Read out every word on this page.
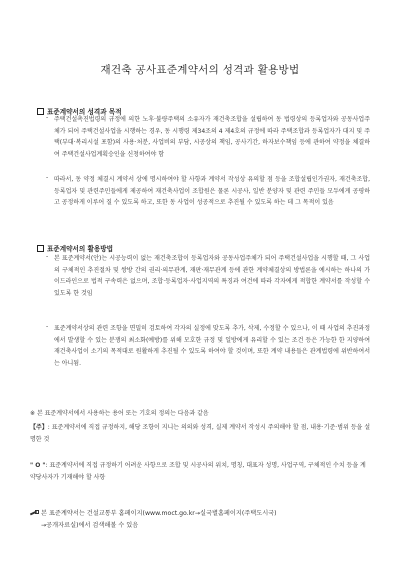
재건축 공사표준계약서의 성격과 활용방법
표준계약서의 성격과 목적
- 주택건설촉진법령의 규정에 의한 노후·불량주택의 소유자가 재건축조합을 설립하여 동 법령상의 등록업자와 공동사업주체가 되어 주택건설사업을 시행하는 경우, 동 시행령 제34조의 4 제4호의 규정에 따라 주택조합과 등록업자가 대지 및 주택(부대·복리시설 포함)의 사용·처분, 사업비의 부담, 시공상의 책임, 공사기간, 하자보수책임 등에 관하여 약정을 체결하여 주택건설사업계획승인을 신청하여야 함
- 따라서, 동 약정 체결시 계약서 상에 명시하여야 할 사항과 계약서 작성상 유의할 점 등을 조합설립인가권자, 재건축조합, 등록업자 및 관련주민들에게 제공하여 재건축사업이 조합원은 물론 시공사, 일반 분양자 및 관련 주민들 모두에게 공평하고 공정하게 이루어 질 수 있도록 하고, 또한 동 사업이 성공적으로 추진될 수 있도록 하는 데 그 목적이 있음
표준계약서의 활용방법
- 본 표준계약서(안)는 시공능력이 없는 재건축조합이 등록업자와 공동사업주체가 되어 주택건설사업을 시행할 때, 그 사업의 구체적인 추진절차 및 쌍방 간의 권리·의무관계, 재판·재무관계 등에 관한 계약체결상의 방법론을 예시하는 하나의 가이드라인으로 법적 구속력은 없으며, 조합·등록업자·사업지역의 특징과 여건에 따라 각자에게 적합한 계약서를 작성할 수 있도록 한 것임
- 표준계약서상의 관련 조항을 면밀히 검토하여 각자의 실정에 맞도록 추가, 삭제, 수정할 수 있으나, 이 때 사업의 추진과정에서 발생할 수 있는 분쟁의 최소화(예방)를 위해 모호한 규정 및 일방에게 유리할 수 있는 조건 등은 가능한 한 지양하여 재건축사업이 소기의 목적대로 원활하게 추진될 수 있도록 하여야 할 것이며, 또한 계약 내용들은 관계법령에 위반하여서는 아니됨.
※ 본 표준계약서에서 사용하는 용어 또는 기호의 정의는 다음과 같음
【주】: 표준계약서에 직접 규정하지, 해당 조항이 지니는 의의와 성격, 실제 계약서 작성시 주의해야 할 점, 내용·기준·범위 등을 설명한 것
" O ": 표준계약서에 직접 규정하기 어려운 사항으로 조합 및 시공사의 위치, 명칭, 대표자 성명, 사업구역, 구체적인 수치 등을 계약당사자가 기재해야 할 사항
본 표준계약서는 건설교통부 홈페이지(www.moct.go.kr→실국별홈페이지(주택도시국)
→공개자료실)에서 검색해볼 수 있음
